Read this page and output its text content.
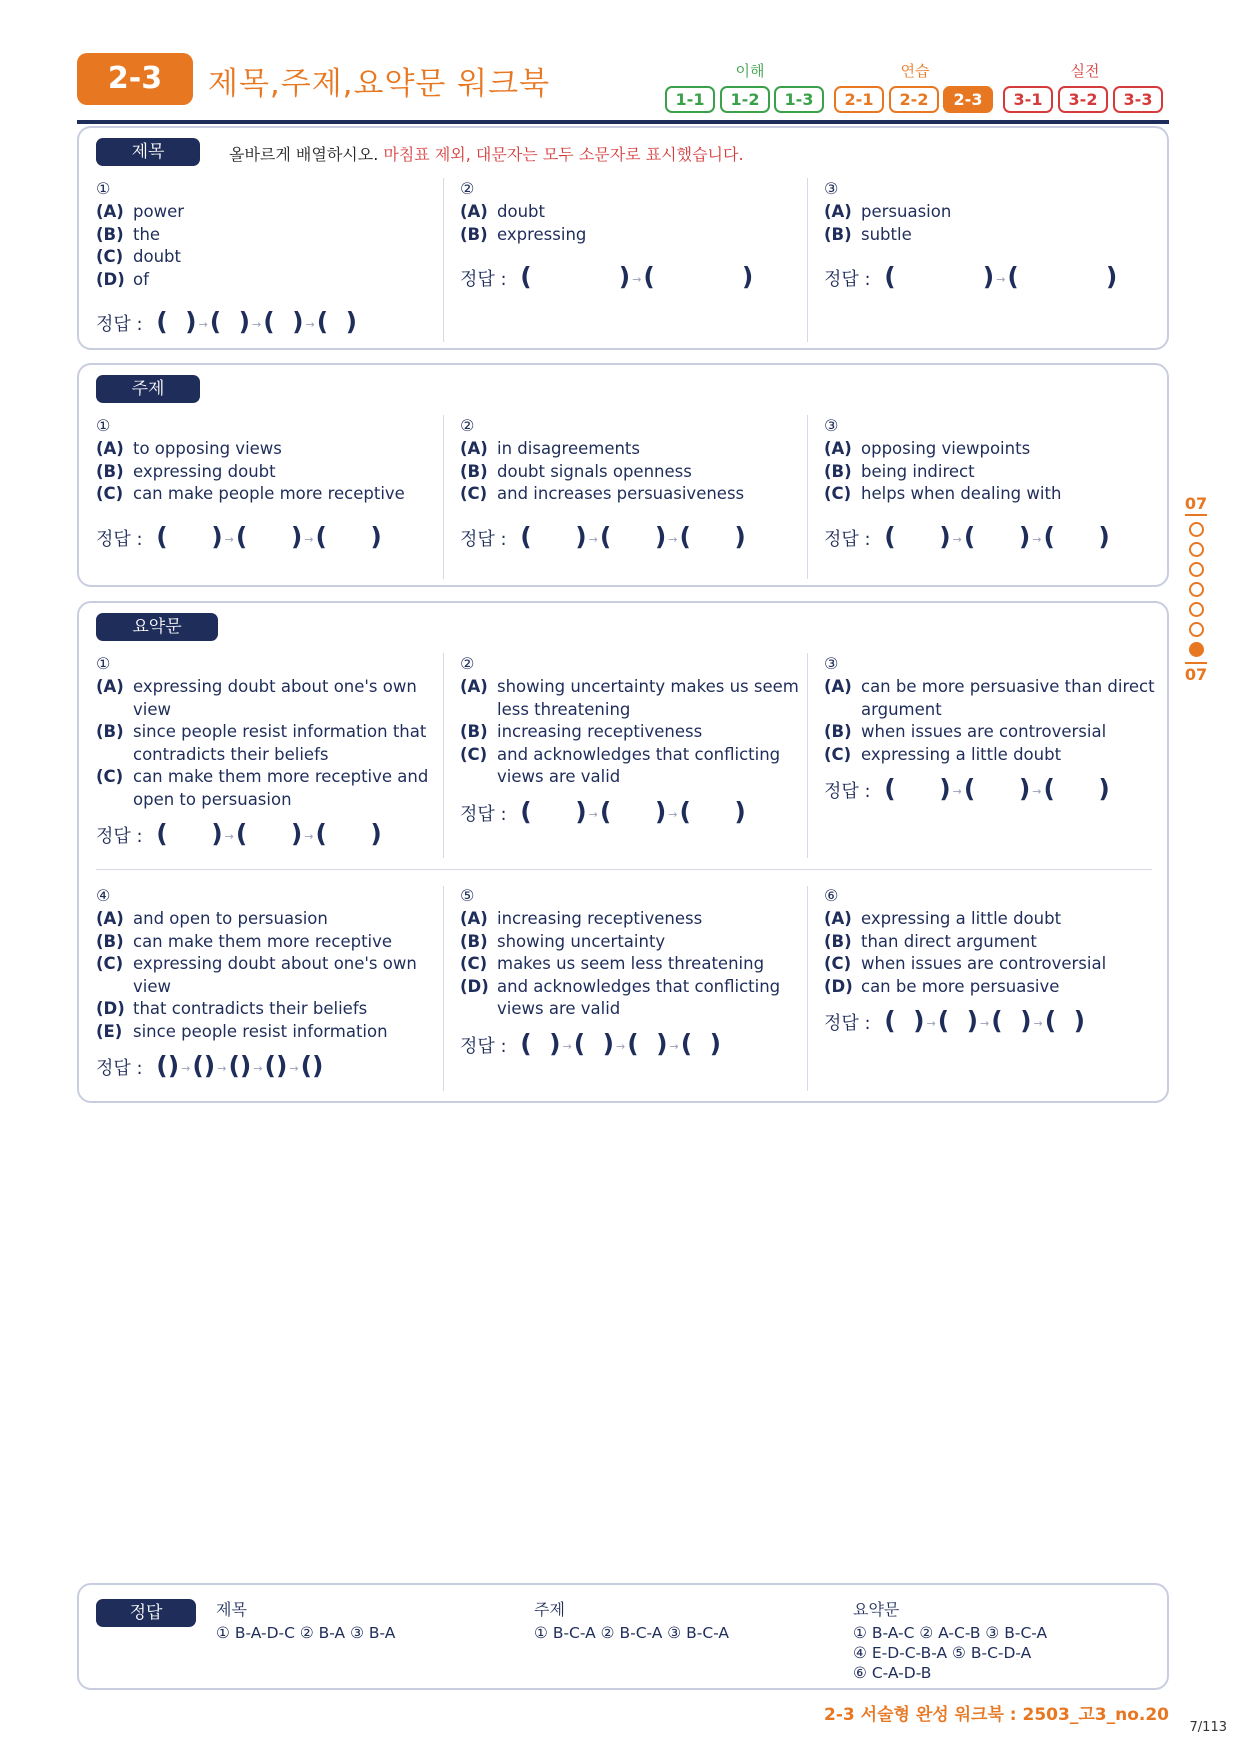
2-3	제목,주제,요약문 워크북	이해	연습	실전
1-1	1-2	1-3	2-1	2-2	2-3	3-1	3-2	3-3
제목	올바르게 배열하시오. 마침표 제외, 대문자는 모두 소문자로 표시했습니다.
①
(A) power
(B) the
(C) doubt
(D) of
정답 : (  ) →(  ) →(  ) →(  )
②
(A) doubt
(B) expressing
정답 : (          ) →(          )
③
(A) persuasion
(B) subtle
정답 : (          ) →(          )
주제
①
(A) to opposing views
(B) expressing doubt
(C) can make people more receptive
정답 : (     ) →(     ) →(     )
②
(A) in disagreements
(B) doubt signals openness
(C) and increases persuasiveness
정답 : (     ) →(     ) →(     )
③
(A) opposing viewpoints
(B) being indirect
(C) helps when dealing with
정답 : (     ) →(     ) →(     )
요약문
①
(A) expressing doubt about one's own view
(B) since people resist information that contradicts their beliefs
(C) can make them more receptive and open to persuasion
정답 : (     ) →(     ) →(     )
②
(A) showing uncertainty makes us seem less threatening
(B) increasing receptiveness
(C) and acknowledges that conflicting views are valid
정답 : (     ) →(     ) →(     )
③
(A) can be more persuasive than direct argument
(B) when issues are controversial
(C) expressing a little doubt
정답 : (     ) →(     ) →(     )
④
(A) and open to persuasion
(B) can make them more receptive
(C) expressing doubt about one's own view
(D) that contradicts their beliefs
(E) since people resist information
정답 : () →() →() →() →()
⑤
(A) increasing receptiveness
(B) showing uncertainty
(C) makes us seem less threatening
(D) and acknowledges that conflicting views are valid
정답 : (  ) →(  ) →(  ) →(  )
⑥
(A) expressing a little doubt
(B) than direct argument
(C) when issues are controversial
(D) can be more persuasive
정답 : (  ) →(  ) →(  ) →(  )
07
07
정답	제목
① B-A-D-C ② B-A ③ B-A
주제
① B-C-A ② B-C-A ③ B-C-A
요약문
① B-A-C ② A-C-B ③ B-C-A
④ E-D-C-B-A ⑤ B-C-D-A
⑥ C-A-D-B
2-3 서술형 완성 워크북 : 2503_고3_no.20
7/113
